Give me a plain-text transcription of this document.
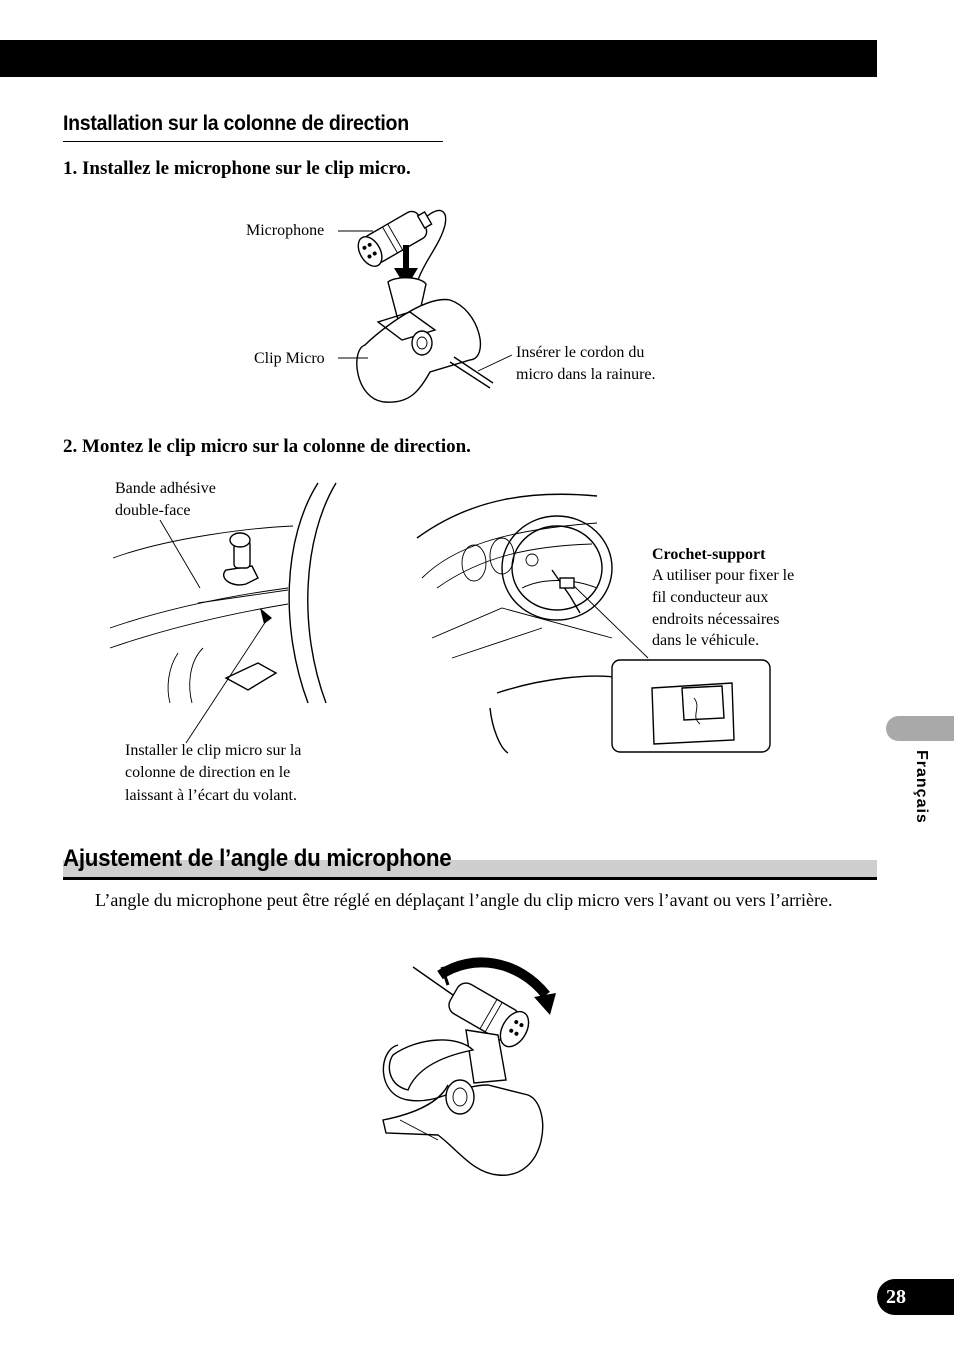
Installation sur la colonne de direction
1. Installez le microphone sur le clip micro.
Microphone
Clip Micro	Insérer le cordon du
micro dans la rainure.
2. Montez le clip micro sur la colonne de direction.
Bande adhésive
double-face
Installer le clip micro sur la
colonne de direction en le
laissant à l’écart du volant.
Crochet-support
A utiliser pour fixer le
fil conducteur aux
endroits nécessaires
dans le véhicule.
Ajustement de l’angle du microphone
L’angle du microphone peut être réglé en déplaçant l’angle du clip micro vers l’avant ou vers l’arrière.
Français
28
